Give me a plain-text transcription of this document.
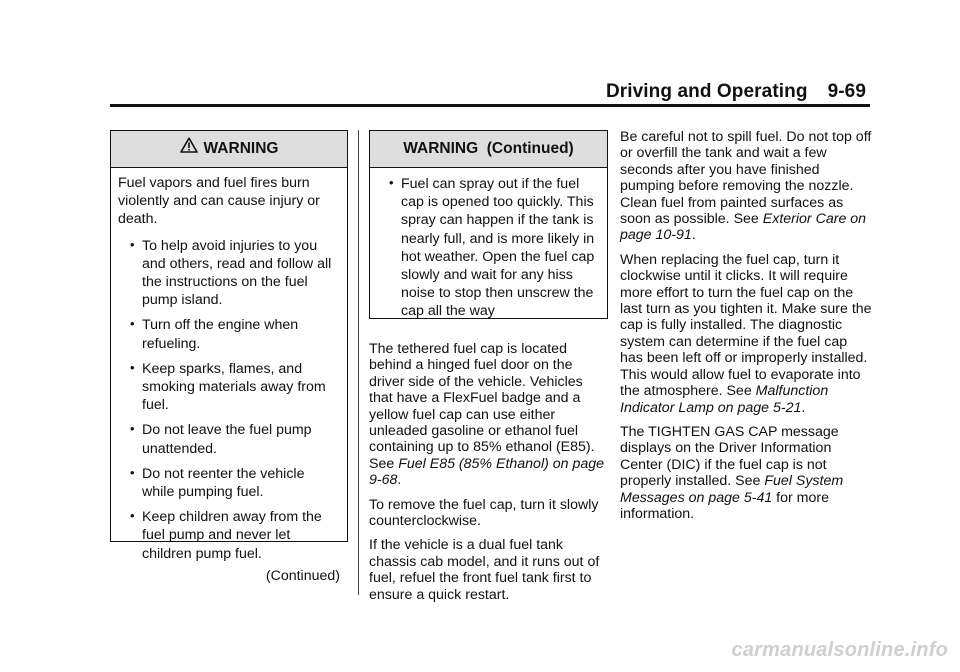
Driving and Operating 9-69
WARNING

Fuel vapors and fuel fires burn violently and can cause injury or death.

• To help avoid injuries to you and others, read and follow all the instructions on the fuel pump island.
• Turn off the engine when refueling.
• Keep sparks, flames, and smoking materials away from fuel.
• Do not leave the fuel pump unattended.
• Do not reenter the vehicle while pumping fuel.
• Keep children away from the fuel pump and never let children pump fuel.
(Continued)
WARNING  (Continued)
• Fuel can spray out if the fuel cap is opened too quickly. This spray can happen if the tank is nearly full, and is more likely in hot weather. Open the fuel cap slowly and wait for any hiss noise to stop then unscrew the cap all the way

The tethered fuel cap is located behind a hinged fuel door on the driver side of the vehicle. Vehicles that have a FlexFuel badge and a yellow fuel cap can use either unleaded gasoline or ethanol fuel containing up to 85% ethanol (E85). See Fuel E85 (85% Ethanol) on page 9-68.

To remove the fuel cap, turn it slowly counterclockwise.

If the vehicle is a dual fuel tank chassis cab model, and it runs out of fuel, refuel the front fuel tank first to ensure a quick restart.

Be careful not to spill fuel. Do not top off or overfill the tank and wait a few seconds after you have finished pumping before removing the nozzle. Clean fuel from painted surfaces as soon as possible. See Exterior Care on page 10-91.

When replacing the fuel cap, turn it clockwise until it clicks. It will require more effort to turn the fuel cap on the last turn as you tighten it. Make sure the cap is fully installed. The diagnostic system can determine if the fuel cap has been left off or improperly installed. This would allow fuel to evaporate into the atmosphere. See Malfunction Indicator Lamp on page 5-21.

The TIGHTEN GAS CAP message displays on the Driver Information Center (DIC) if the fuel cap is not properly installed. See Fuel System Messages on page 5-41 for more information.

carmanualsonline.info
